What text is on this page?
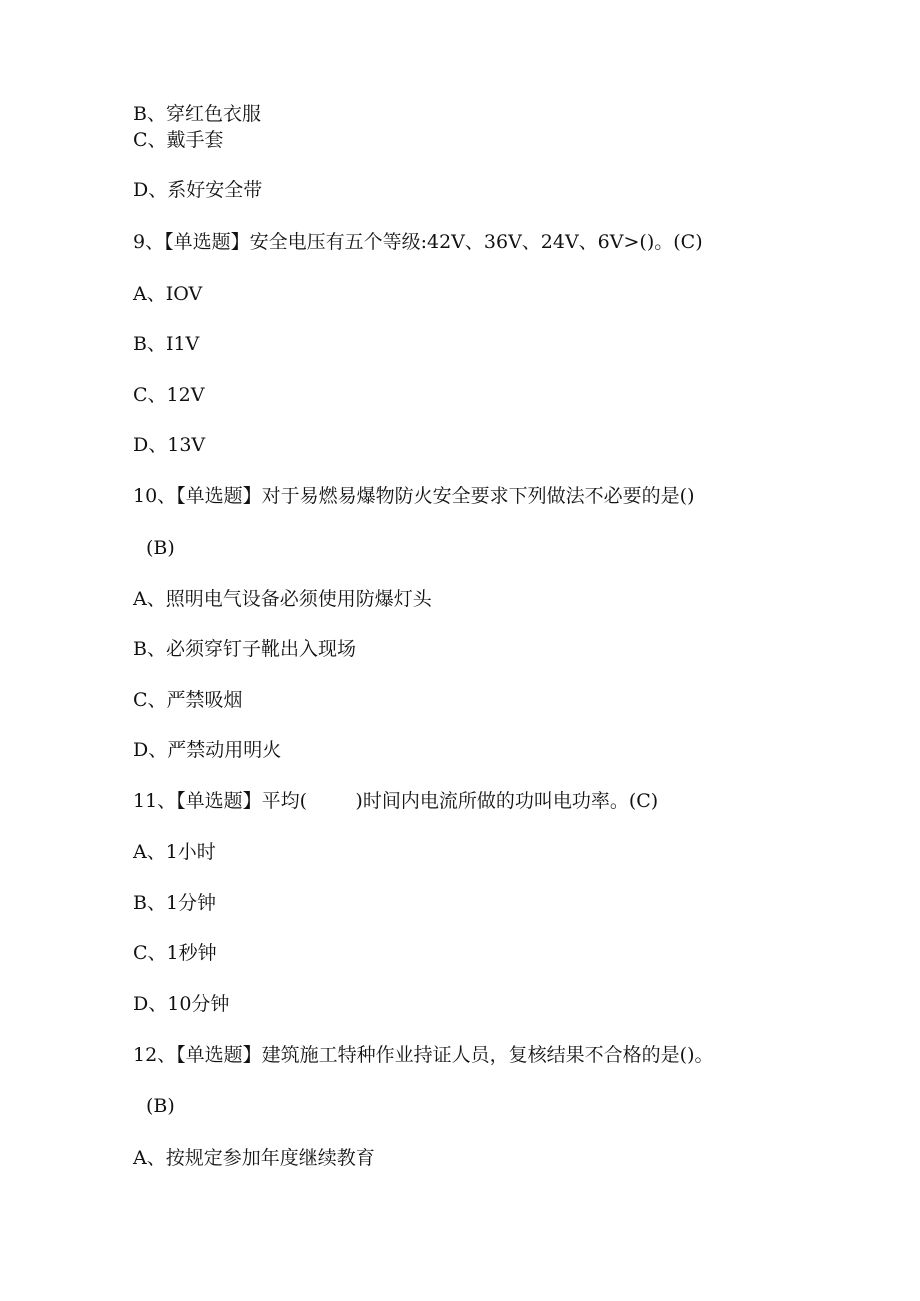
B、穿红色衣服
C、戴手套
D、系好安全带
9、【单选题】安全电压有五个等级:42V、36V、24V、6V>()。(C)
A、IOV
B、I1V
C、12V
D、13V
10、【单选题】对于易燃易爆物防火安全要求下列做法不必要的是()
(B)
A、照明电气设备必须使用防爆灯头
B、必须穿钉子靴出入现场
C、严禁吸烟
D、严禁动用明火
11、【单选题】平均(        )时间内电流所做的功叫电功率。(C)
A、1小时
B、1分钟
C、1秒钟
D、10分钟
12、【单选题】建筑施工特种作业持证人员，复核结果不合格的是()。
(B)
A、按规定参加年度继续教育
